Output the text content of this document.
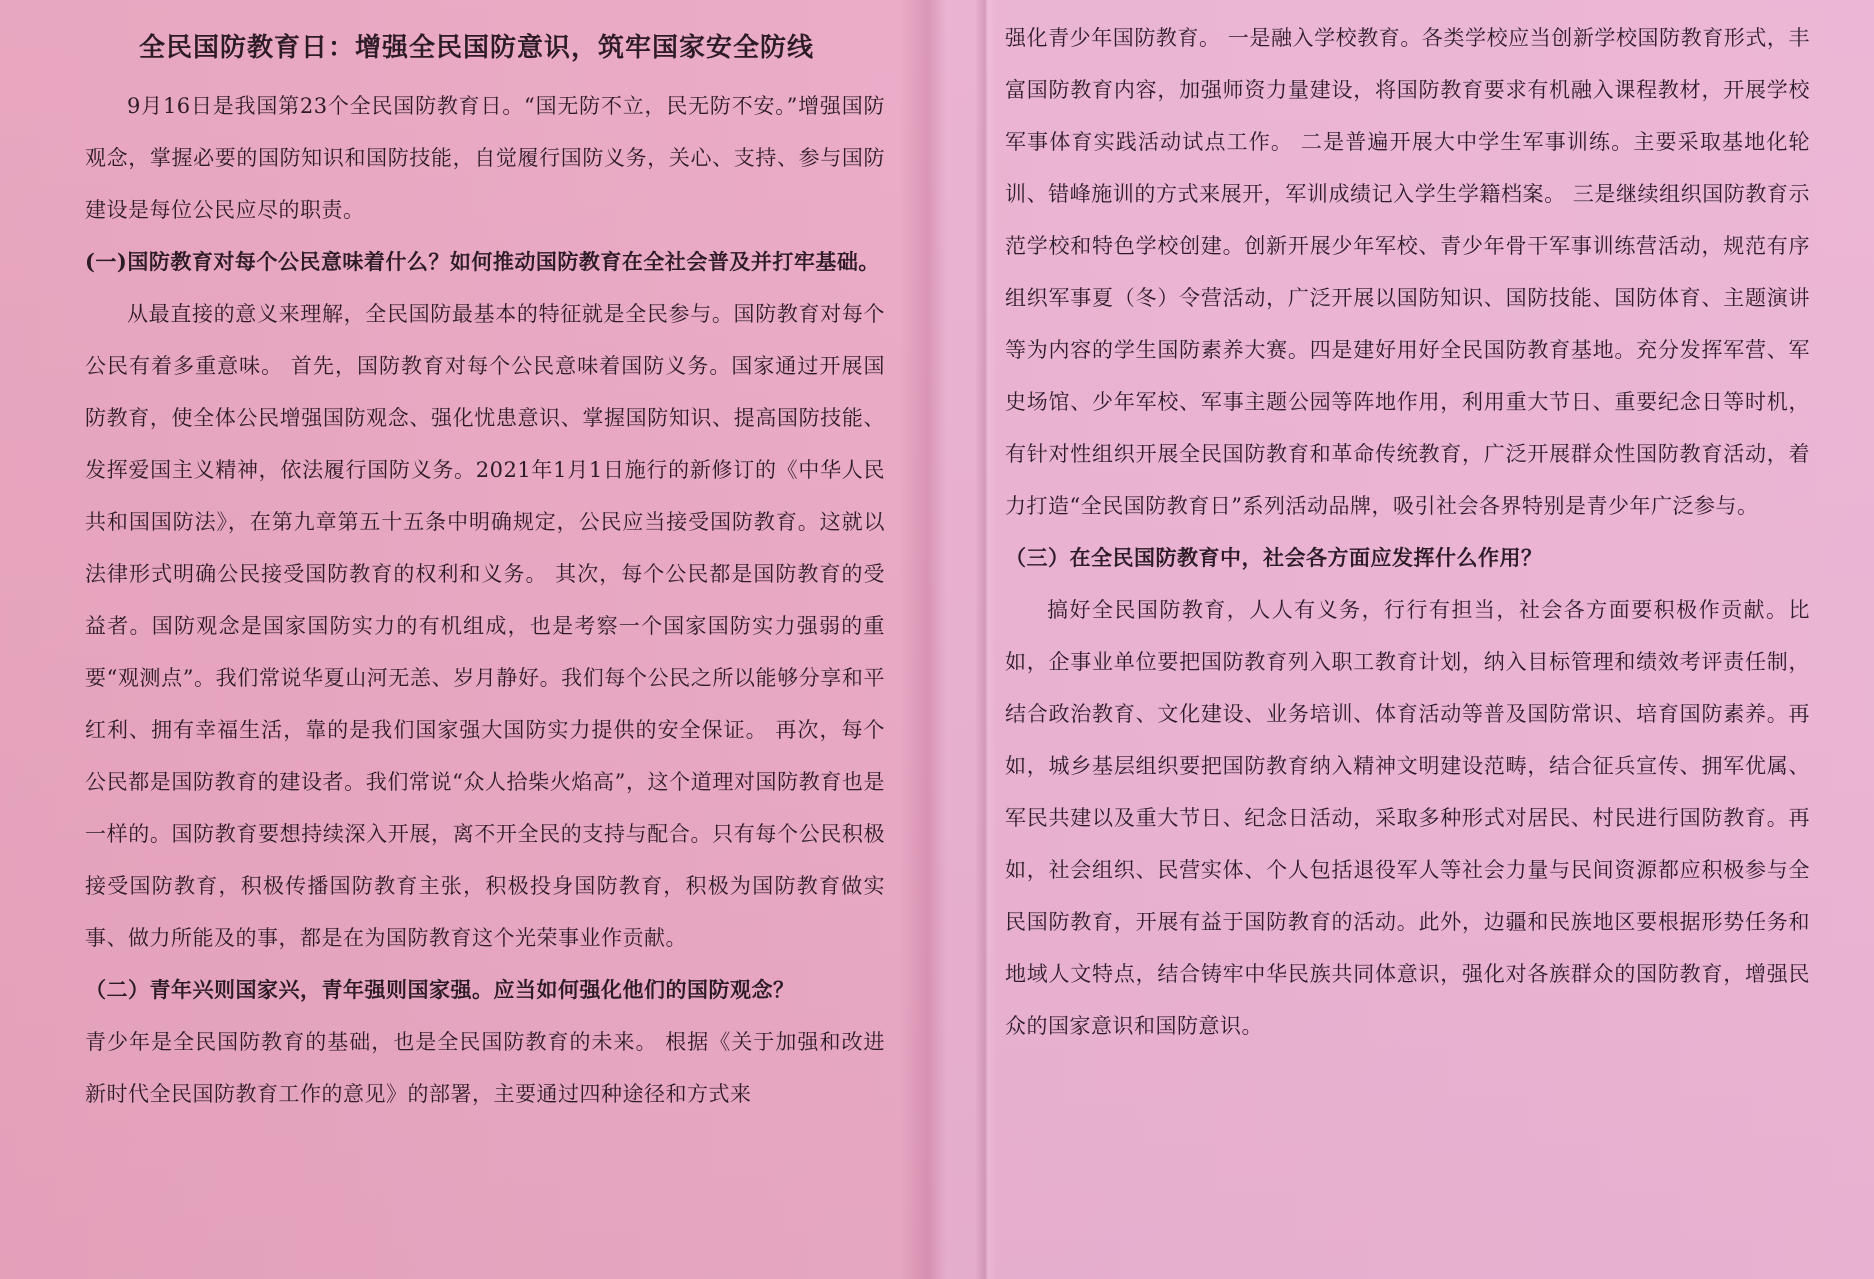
全民国防教育日：增强全民国防意识，筑牢国家安全防线

9月16日是我国第23个全民国防教育日。“国无防不立，民无防不安。”增强国防观念，掌握必要的国防知识和国防技能，自觉履行国防义务，关心、支持、参与国防建设是每位公民应尽的职责。

(一)国防教育对每个公民意味着什么？如何推动国防教育在全社会普及并打牢基础。

从最直接的意义来理解，全民国防最基本的特征就是全民参与。国防教育对每个公民有着多重意味。 首先，国防教育对每个公民意味着国防义务。国家通过开展国防教育，使全体公民增强国防观念、强化忧患意识、掌握国防知识、提高国防技能、发挥爱国主义精神，依法履行国防义务。2021年1月1日施行的新修订的《中华人民共和国国防法》，在第九章第五十五条中明确规定，公民应当接受国防教育。这就以法律形式明确公民接受国防教育的权利和义务。 其次，每个公民都是国防教育的受益者。国防观念是国家国防实力的有机组成，也是考察一个国家国防实力强弱的重要“观测点”。我们常说华夏山河无恙、岁月静好。我们每个公民之所以能够分享和平红利、拥有幸福生活，靠的是我们国家强大国防实力提供的安全保证。 再次，每个公民都是国防教育的建设者。我们常说“众人拾柴火焰高”，这个道理对国防教育也是一样的。国防教育要想持续深入开展，离不开全民的支持与配合。只有每个公民积极接受国防教育，积极传播国防教育主张，积极投身国防教育，积极为国防教育做实事、做力所能及的事，都是在为国防教育这个光荣事业作贡献。

（二）青年兴则国家兴，青年强则国家强。应当如何强化他们的国防观念？

青少年是全民国防教育的基础，也是全民国防教育的未来。 根据《关于加强和改进新时代全民国防教育工作的意见》的部署，主要通过四种途径和方式来

强化青少年国防教育。 一是融入学校教育。各类学校应当创新学校国防教育形式，丰富国防教育内容，加强师资力量建设，将国防教育要求有机融入课程教材，开展学校军事体育实践活动试点工作。 二是普遍开展大中学生军事训练。主要采取基地化轮训、错峰施训的方式来展开，军训成绩记入学生学籍档案。 三是继续组织国防教育示范学校和特色学校创建。创新开展少年军校、青少年骨干军事训练营活动，规范有序组织军事夏（冬）令营活动，广泛开展以国防知识、国防技能、国防体育、主题演讲等为内容的学生国防素养大赛。四是建好用好全民国防教育基地。充分发挥军营、军史场馆、少年军校、军事主题公园等阵地作用，利用重大节日、重要纪念日等时机，有针对性组织开展全民国防教育和革命传统教育，广泛开展群众性国防教育活动，着力打造“全民国防教育日”系列活动品牌，吸引社会各界特别是青少年广泛参与。

（三）在全民国防教育中，社会各方面应发挥什么作用？

搞好全民国防教育，人人有义务，行行有担当，社会各方面要积极作贡献。比如，企事业单位要把国防教育列入职工教育计划，纳入目标管理和绩效考评责任制，结合政治教育、文化建设、业务培训、体育活动等普及国防常识、培育国防素养。再如，城乡基层组织要把国防教育纳入精神文明建设范畴，结合征兵宣传、拥军优属、军民共建以及重大节日、纪念日活动，采取多种形式对居民、村民进行国防教育。再如，社会组织、民营实体、个人包括退役军人等社会力量与民间资源都应积极参与全民国防教育，开展有益于国防教育的活动。此外，边疆和民族地区要根据形势任务和地域人文特点，结合铸牢中华民族共同体意识，强化对各族群众的国防教育，增强民众的国家意识和国防意识。
